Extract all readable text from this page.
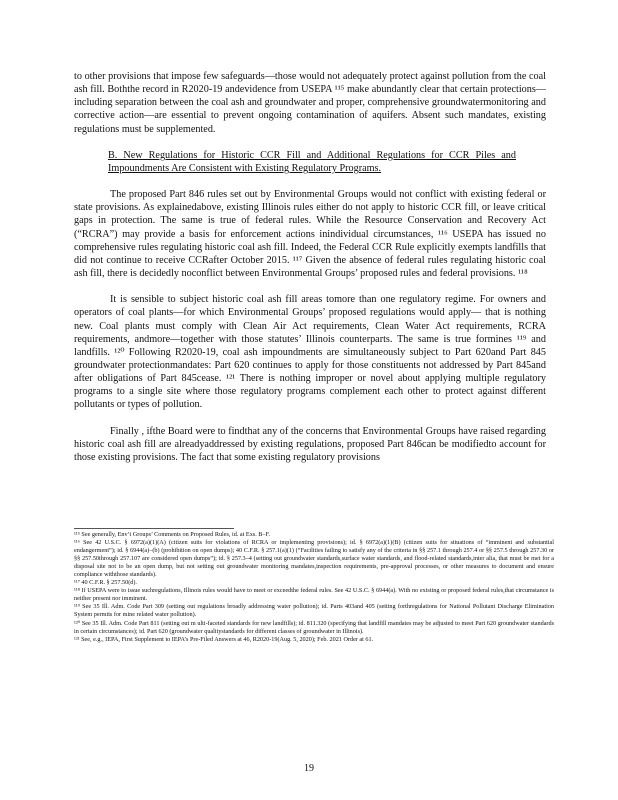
to other provisions that impose few safeguards—those would not adequately protect against pollution from the coal ash fill. Boththe record in R2020-19 andevidence from USEPA ¹¹⁵ make abundantly clear that certain protections—including separation between the coal ash and groundwater and proper, comprehensive groundwatermonitoring and corrective action—are essential to prevent ongoing contamination of aquifers. Absent such mandates, existing regulations must be supplemented.

B. New Regulations for Historic CCR Fill and Additional Regulations for CCR Piles and Impoundments Are Consistent with Existing Regulatory Programs.

The proposed Part 846 rules set out by Environmental Groups would not conflict with existing federal or state provisions. As explainedabove, existing Illinois rules either do not apply to historic CCR fill, or leave critical gaps in protection. The same is true of federal rules. While the Resource Conservation and Recovery Act (“RCRA”) may provide a basis for enforcement actions inindividual circumstances, ¹¹⁶ USEPA has issued no comprehensive rules regulating historic coal ash fill. Indeed, the Federal CCR Rule explicitly exempts landfills that did not continue to receive CCRafter October 2015. ¹¹⁷ Given the absence of federal rules regulating historic coal ash fill, there is decidedly noconflict between Environmental Groups’ proposed rules and federal provisions. ¹¹⁸

It is sensible to subject historic coal ash fill areas tomore than one regulatory regime. For owners and operators of coal plants—for which Environmental Groups’ proposed regulations would apply— that is nothing new. Coal plants must comply with Clean Air Act requirements, Clean Water Act requirements, RCRA requirements, andmore—together with those statutes’ Illinois counterparts. The same is true formines ¹¹⁹ and landfills. ¹²⁰ Following R2020-19, coal ash impoundments are simultaneously subject to Part 620and Part 845 groundwater protectionmandates: Part 620 continues to apply for those constituents not addressed by Part 845and after obligations of Part 845cease. ¹²¹ There is nothing improper or novel about applying multiple regulatory programs to a single site where those regulatory programs complement each other to protect against different pollutants or types of pollution.

Finally , ifthe Board were to findthat any of the concerns that Environmental Groups have raised regarding historic coal ash fill are alreadyaddressed by existing regulations, proposed Part 846can be modifiedto account for those existing provisions. The fact that some existing regulatory provisions

¹¹⁵ See generally, Env’t Groups’ Comments on Proposed Rules, id. at Exs. B–F.

¹¹⁶ See 42 U.S.C. § 6972(a)(1)(A) (citizen suits for violations of RCRA or implementing provisions); id. § 6972(a)(1)(B) (citizen suits for situations of “imminent and substantial endangerment”); id. § 6944(a)–(b) (prohibition on open dumps); 40 C.F.R. § 257.1(a)(1) (“Facilities failing to satisfy any of the criteria in §§ 257.1 through 257.4 or §§ 257.5 through 257.30 or §§ 257.50through 257.107 are considered open dumps”); id. § 257.3–4 (setting out groundwater standards,surface water standards, and flood-related standards,inter alia, that must be met for a disposal site not to be an open dump, but not setting out groundwater monitoring mandates,inspection requirements, pre-approval processes, or other measures to document and ensure compliance withthose standards).

¹¹⁷ 40 C.F.R. § 257.50(d).

¹¹⁸ If USEPA were to issue suchregulations, Illinois rules would have to meet or exceedthe federal rules. See 42 U.S.C. § 6944(a). With no existing or proposed federal rules,that circumstance is neither present nor imminent.

¹¹⁹ See 35 Ill. Adm. Code Part 309 (setting out regulations broadly addressing water pollution); id. Parts 403and 405 (setting forthregulations for National Pollutant Discharge Elimination System permits for mine related water pollution).

¹²⁰ See 35 Ill. Adm. Code Part 811 (setting out m ulti-faceted standards for new landfills); id. 811.320 (specifying that landfill mandates may be adjusted to meet Part 620 groundwater standards in certain circumstances); id. Part 620 (groundwater qualitystandards for different classes of groundwater in Illinois).

¹²¹ See, e.g., IEPA, First Supplement to IEPA’s Pre-Filed Answers at 46, R2020-19(Aug. 5, 2020); Feb. 2021 Order at 61.

19
